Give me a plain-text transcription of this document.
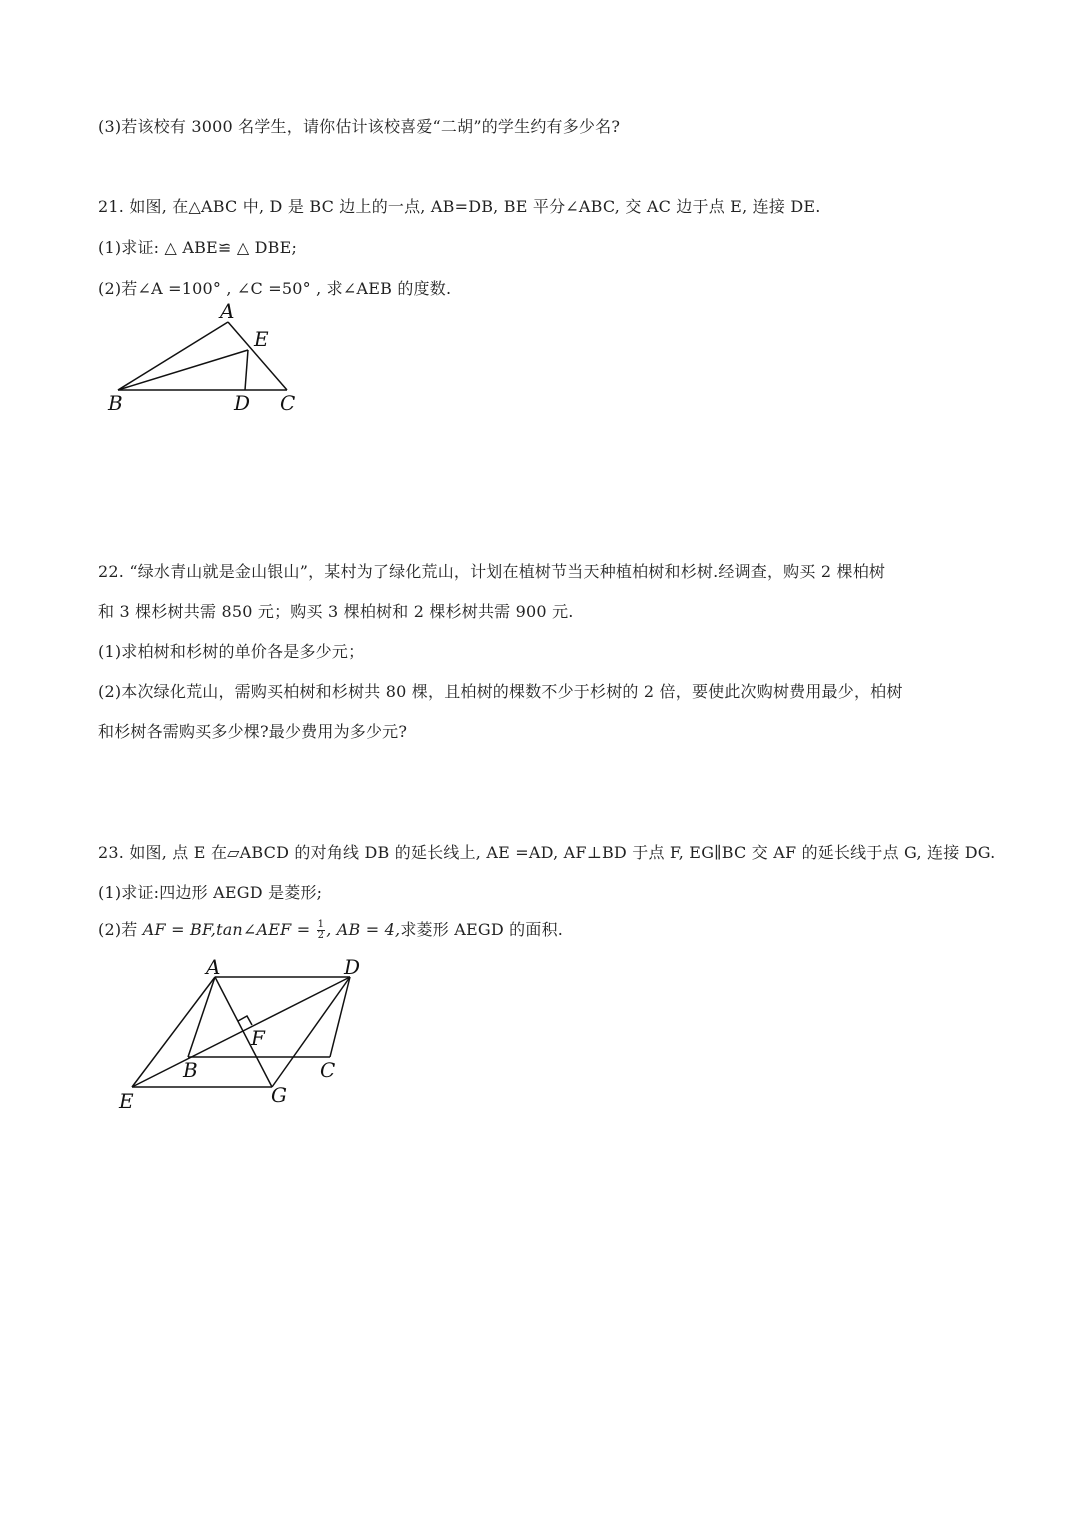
(3)若该校有 3000 名学生，请你估计该校喜爱“二胡”的学生约有多少名?
21. 如图, 在△ABC 中, D 是 BC 边上的一点, AB=DB, BE 平分∠ABC, 交 AC 边于点 E, 连接 DE.
(1)求证: △ ABE≌ △ DBE;
(2)若∠A =100° , ∠C =50° , 求∠AEB 的度数.
A
E
B	D C
22. “绿水青山就是金山银山”，某村为了绿化荒山，计划在植树节当天种植柏树和杉树.经调查，购买 2 棵柏树
和 3 棵杉树共需 850 元；购买 3 棵柏树和 2 棵杉树共需 900 元.
(1)求柏树和杉树的单价各是多少元；
(2)本次绿化荒山，需购买柏树和杉树共 80 棵，且柏树的棵数不少于杉树的 2 倍，要使此次购树费用最少，柏树
和杉树各需购买多少棵?最少费用为多少元?
23. 如图, 点 E 在▱ABCD 的对角线 DB 的延长线上, AE =AD, AF⊥BD 于点 F, EG∥BC 交 AF 的延长线于点 G, 连接 DG.
(1)求证:四边形 AEGD 是菱形;
(2)若 AF = BF,tan∠AEF = $\frac{1}{2}$ , AB = 4,求菱形 AEGD 的面积.
A	D
F
B	C
E	G
